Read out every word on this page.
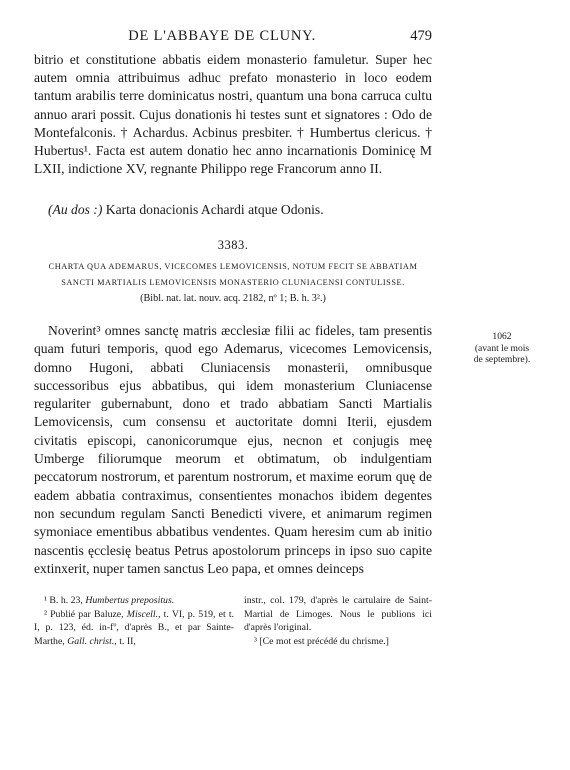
DE L'ABBAYE DE CLUNY.	479

bitrio et constitutione abbatis eidem monasterio famuletur. Super hec autem omnia attribuimus adhuc prefato monasterio in loco eodem tantum arabilis terre dominicatus nostri, quantum una bona carruca cultu annuo arari possit. Cujus donationis hi testes sunt et signatores : Odo de Montefalconis. † Achardus. Acbinus presbiter. † Humbertus clericus. † Hubertus¹. Facta est autem donatio hec anno incarnationis Dominicę M LXII, indictione XV, regnante Philippo rege Francorum anno II.

(Au dos :) Karta donacionis Achardi atque Odonis.

3383.
CHARTA QUA ADEMARUS, VICECOMES LEMOVICENSIS, NOTUM FECIT SE ABBATIAM
SANCTI MARTIALIS LEMOVICENSIS MONASTERIO CLUNIACENSI CONTULISSE.
(Bibl. nat. lat. nouv. acq. 2182, nº 1; B. h. 3².)

Noverint³ omnes sanctę matris æcclesiæ filii ac fideles, tam presentis quam futuri temporis, quod ego Ademarus, vicecomes Lemovicensis, domno Hugoni, abbati Cluniacensis monasterii, omnibusque successoribus ejus abbatibus, qui idem monasterium Cluniacense regulariter gubernabunt, dono et trado abbatiam Sancti Martialis Lemovicensis, cum consensu et auctoritate domni Iterii, ejusdem civitatis episcopi, canonicorumque ejus, necnon et conjugis meę Umberge filiorumque meorum et obtimatum, ob indulgentiam peccatorum nostrorum, et parentum nostrorum, et maxime eorum quę de eadem abbatia contraximus, consentientes monachos ibidem degentes non secundum regulam Sancti Benedicti vivere, et animarum regimen symoniace ementibus abbatibus vendentes. Quam heresim cum ab initio nascentis ęcclesię beatus Petrus apostolorum princeps in ipso suo capite extinxerit, nuper tamen sanctus Leo papa, et omnes deinceps

1062
(avant le mois
de septembre).

¹ B. h. 23, Humbertus prepositus.

² Publié par Baluze, Miscell., t. VI, p. 519, et t. I, p. 123, éd. in-fº, d'après B., et par Sainte-Marthe, Gall. christ., t. II,

instr., col. 179, d'après le cartulaire de Saint-Martial de Limoges. Nous le publions ici d'après l'original.

³ [Ce mot est précédé du chrisme.]
